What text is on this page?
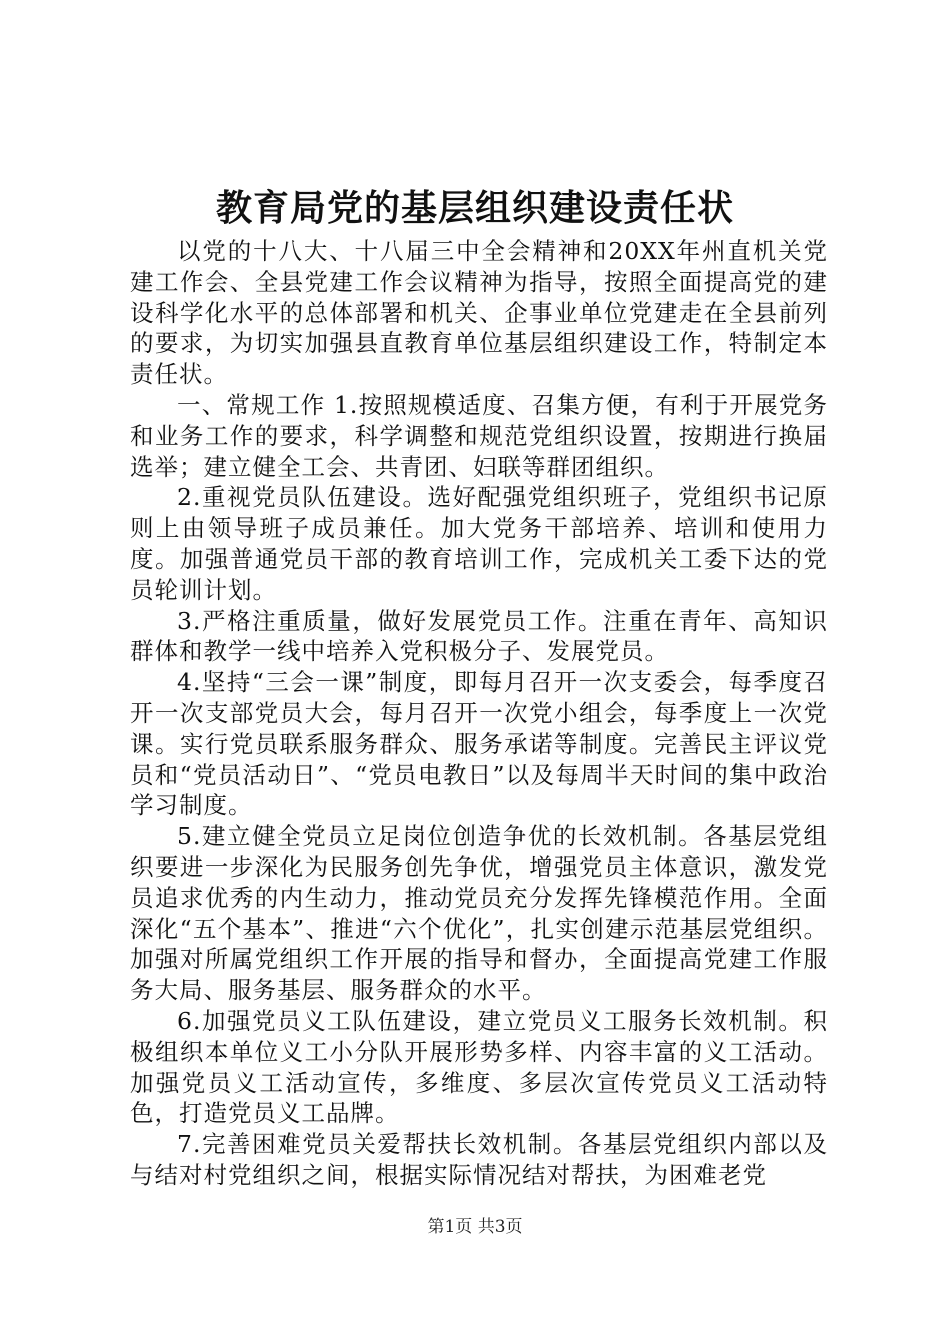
教育局党的基层组织建设责任状

以党的十八大、十八届三中全会精神和20XX年州直机关党建工作会、全县党建工作会议精神为指导，按照全面提高党的建设科学化水平的总体部署和机关、企事业单位党建走在全县前列的要求，为切实加强县直教育单位基层组织建设工作，特制定本责任状。

一、常规工作 1.按照规模适度、召集方便，有利于开展党务和业务工作的要求，科学调整和规范党组织设置，按期进行换届选举；建立健全工会、共青团、妇联等群团组织。

2.重视党员队伍建设。选好配强党组织班子，党组织书记原则上由领导班子成员兼任。加大党务干部培养、培训和使用力度。加强普通党员干部的教育培训工作，完成机关工委下达的党员轮训计划。

3.严格注重质量，做好发展党员工作。注重在青年、高知识群体和教学一线中培养入党积极分子、发展党员。

4.坚持“三会一课”制度，即每月召开一次支委会，每季度召开一次支部党员大会，每月召开一次党小组会，每季度上一次党课。实行党员联系服务群众、服务承诺等制度。完善民主评议党员和“党员活动日”、“党员电教日”以及每周半天时间的集中政治学习制度。

5.建立健全党员立足岗位创造争优的长效机制。各基层党组织要进一步深化为民服务创先争优，增强党员主体意识，激发党员追求优秀的内生动力，推动党员充分发挥先锋模范作用。全面深化“五个基本”、推进“六个优化”，扎实创建示范基层党组织。加强对所属党组织工作开展的指导和督办，全面提高党建工作服务大局、服务基层、服务群众的水平。

6.加强党员义工队伍建设，建立党员义工服务长效机制。积极组织本单位义工小分队开展形势多样、内容丰富的义工活动。加强党员义工活动宣传，多维度、多层次宣传党员义工活动特色，打造党员义工品牌。

7.完善困难党员关爱帮扶长效机制。各基层党组织内部以及与结对村党组织之间，根据实际情况结对帮扶，为困难老党

第1页 共3页
